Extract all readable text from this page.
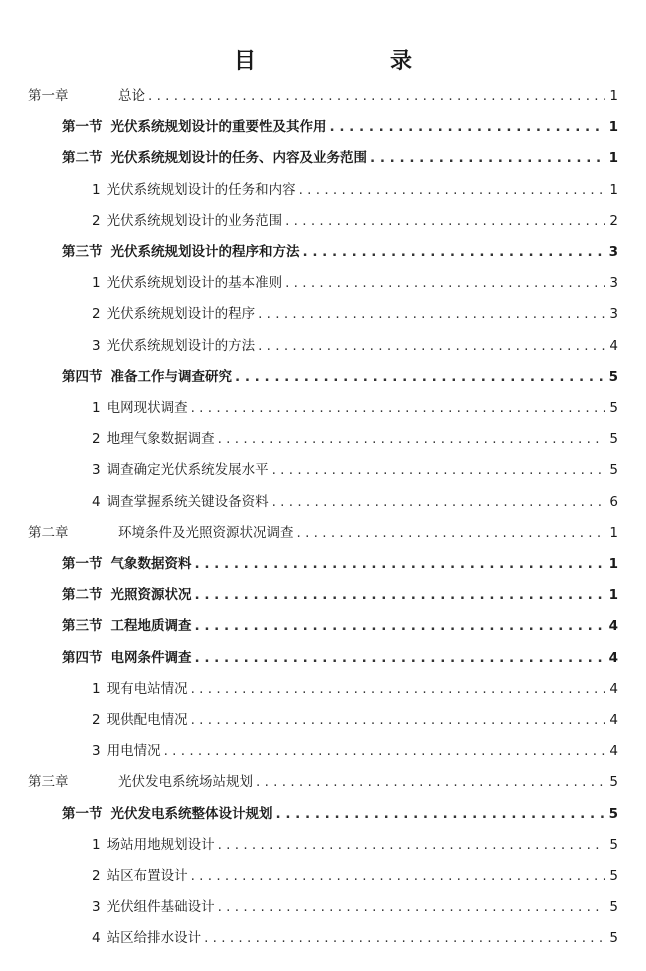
目　　录
第一章	总论 . . .	1
第一节 光伏系统规划设计的重要性及其作用 . . .	1
第二节 光伏系统规划设计的任务、内容及业务范围 . . .	1
1 光伏系统规划设计的任务和内容 . . .	1
2 光伏系统规划设计的业务范围 . . .	2
第三节 光伏系统规划设计的程序和方法 . . .	3
1 光伏系统规划设计的基本准则 . . .	3
2 光伏系统规划设计的程序 . . .	3
3 光伏系统规划设计的方法 . . .	4
第四节 准备工作与调查研究 . . .	5
1 电网现状调查 . . .	5
2 地理气象数据调查 . . .	5
3 调查确定光伏系统发展水平 . . .	5
4 调查掌握系统关键设备资料 . . .	6
第二章	环境条件及光照资源状况调查 . . .	1
第一节 气象数据资料 . . .	1
第二节 光照资源状况 . . .	1
第三节 工程地质调查 . . .	4
第四节 电网条件调查 . . .	4
1 现有电站情况 . . .	4
2 现供配电情况 . . .	4
3 用电情况 . . .	4
第三章	光伏发电系统场站规划 . . .	5
第一节 光伏发电系统整体设计规划 . . .	5
1 场站用地规划设计 . . .	5
2 站区布置设计 . . .	5
3 光伏组件基础设计 . . .	5
4 站区给排水设计 . . .	5
